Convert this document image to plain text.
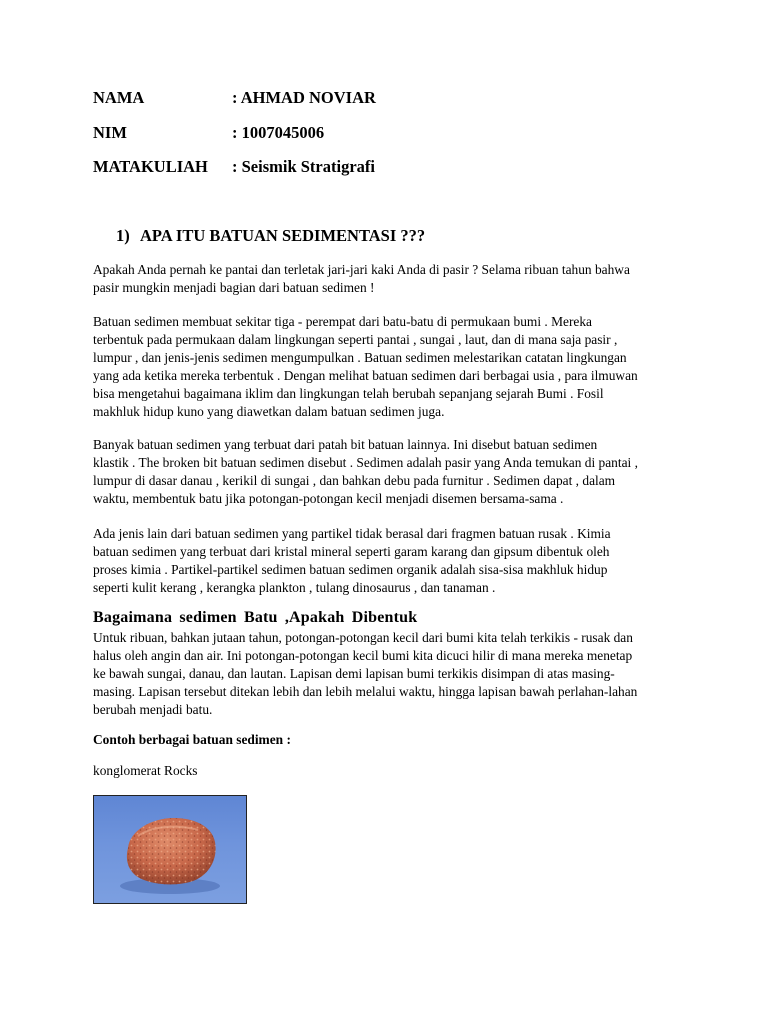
NAMA	: AHMAD NOVIAR
NIM	: 1007045006
MATAKULIAH : Seismik Stratigrafi
1) APA ITU BATUAN SEDIMENTASI ???

Apakah Anda pernah ke pantai dan terletak jari-jari kaki Anda di pasir ? Selama ribuan tahun bahwa
pasir mungkin menjadi bagian dari batuan sedimen !

Batuan sedimen membuat sekitar tiga - perempat dari batu-batu di permukaan bumi . Mereka
terbentuk pada permukaan dalam lingkungan seperti pantai , sungai , laut, dan di mana saja pasir ,
lumpur , dan jenis-jenis sedimen mengumpulkan . Batuan sedimen melestarikan catatan lingkungan
yang ada ketika mereka terbentuk . Dengan melihat batuan sedimen dari berbagai usia , para ilmuwan
bisa mengetahui bagaimana iklim dan lingkungan telah berubah sepanjang sejarah Bumi . Fosil
makhluk hidup kuno yang diawetkan dalam batuan sedimen juga.

Banyak batuan sedimen yang terbuat dari patah bit batuan lainnya. Ini disebut batuan sedimen
klastik . The broken bit batuan sedimen disebut . Sedimen adalah pasir yang Anda temukan di pantai ,
lumpur di dasar danau , kerikil di sungai , dan bahkan debu pada furnitur . Sedimen dapat , dalam
waktu, membentuk batu jika potongan-potongan kecil menjadi disemen bersama-sama .

Ada jenis lain dari batuan sedimen yang partikel tidak berasal dari fragmen batuan rusak . Kimia
batuan sedimen yang terbuat dari kristal mineral seperti garam karang dan gipsum dibentuk oleh
proses kimia . Partikel-partikel sedimen batuan sedimen organik adalah sisa-sisa makhluk hidup
seperti kulit kerang , kerangka plankton , tulang dinosaurus , dan tanaman .

Bagaimana sedimen Batu ,Apakah Dibentuk

Untuk ribuan, bahkan jutaan tahun, potongan-potongan kecil dari bumi kita telah terkikis - rusak dan
halus oleh angin dan air. Ini potongan-potongan kecil bumi kita dicuci hilir di mana mereka menetap
ke bawah sungai, danau, dan lautan. Lapisan demi lapisan bumi terkikis disimpan di atas masing-
masing. Lapisan tersebut ditekan lebih dan lebih melalui waktu, hingga lapisan bawah perlahan-lahan
berubah menjadi batu.

Contoh berbagai batuan sedimen :
konglomerat Rocks
